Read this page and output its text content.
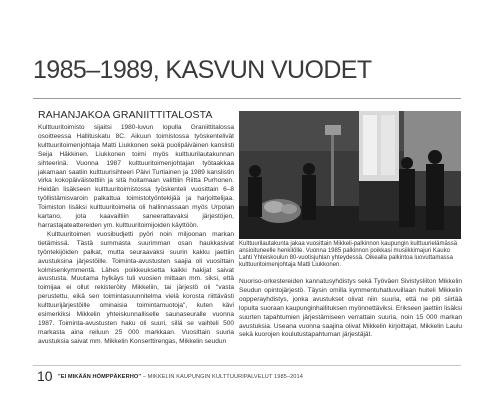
1985–1989, KASVUN VUODET
RAHANJAKOA GRANIITTITALOSTA

Kulttuuritoimisto sijaitsi 1980-luvun lopulla Graniittitalossa osoitteessa Hallituskatu 8C. Aikuun toimistossa työskentelivät kulttuuritoimenjohtaja Matti Liukkonen sekä puolipäiväinen kanslisti Seija Häkkinen. Liukkonen toimi myös kulttuurilautakunnan sihteerinä. Vuonna 1987 kulttuuritoimenjohtajan työtaakkaa jakamaan saatiin kulttuurisihteeri Päivi Turtiainen ja 1989 kanslistin virka kokopäiväistettiin ja sitä hoitamaan valittiin Riitta Purhonen. Heidän lisäkseen kulttuuritoimistossa työskenteli vuosittain 6–8 työllistämisvaroin palkattua toimistotyöntekijää ja harjoittelijaa. Toimiston lisäksi kulttuuritoimella oli hallinnassaan myös Urpolan kartano, jota kaavailtiin saneerattavaksi järjestöjen, harrastajateattereiden ym. kulttuuritoimijoiden käyttöön.

Kulttuuritoimen vuosibudjetti pyöri noin miljoonan markan tietämissä. Tästä summasta suurimman osan haukkasivat työntekijöiden palkat, mutta seuraavaksi suurin kakku jaettiin avustuksina järjestöille. Toiminta-avustusten saajia oli vuosittain kolmisenkymmentä. Lähes poikkeuksetta kaikki hakijat saivat avustusta. Muutama hylkäys tuli vuosien mittaan mm. siksi, että toimijaa ei ollut rekisteröity Mikkeliin, tai järjestö oli "vasta perustettu, eikä sen toimintasuunnitelma vielä korosta riittävästi kulttuurijärjestöille ominaisia toimintamuotoja", kuten kävi esimerkiksi Mikkelin yhteiskunnalliselle saunaseuralle vuonna 1987. Toiminta-avustusten haku oli suuri, sillä se vaihteli 500 markasta aina reiluun 25 000 markkaan. Vuosittain suuria avustuksia saivat mm. Mikkelin Konserttirengas, Mikkelin seudun

Kulttuurilautakunta jakaa vuosittain Mikkeli-palkinnon kaupungin kulttuurielämässä ansioituneelle henkilölle. Vuonna 1985 palkinnon poikkasi musiikkimajuri Kauko Lahti Yhteiskoulun 80-vuotisjuhlan yhteydessä. Oikealla palkintoa luovuttamassa kulttuuritoimenjohtaja Matti Liukkonen.

Nuoriso-orkestereiden kannatusyhdistys sekä Työväen Sivistysliiton Mikkelin Seudun opintojärjestö. Täysin omilla kymmentuhatluvuillaan huiteli Mikkelin oopperayhdistys, jonka avustukset olivat niin suuria, että ne piti siirtää lopulta suoraan kaupunginhallituksen myönnettäviksi. Erikseen jaettiin lisäksi suurten tapahtumien järjestämiseen verrattain suuria, noin 15 000 markan avustuksia. Useana vuonna saajina olivat Mikkelin kirjoittajat, Mikkelin Laulu sekä kuorojen koulutustapahtuman järjestäjät.

10 "EI MIKÄÄN HÖMPPÄKERHO" – MIKKELIN KAUPUNGIN KULTTUURIPALVELUT 1985–2014
